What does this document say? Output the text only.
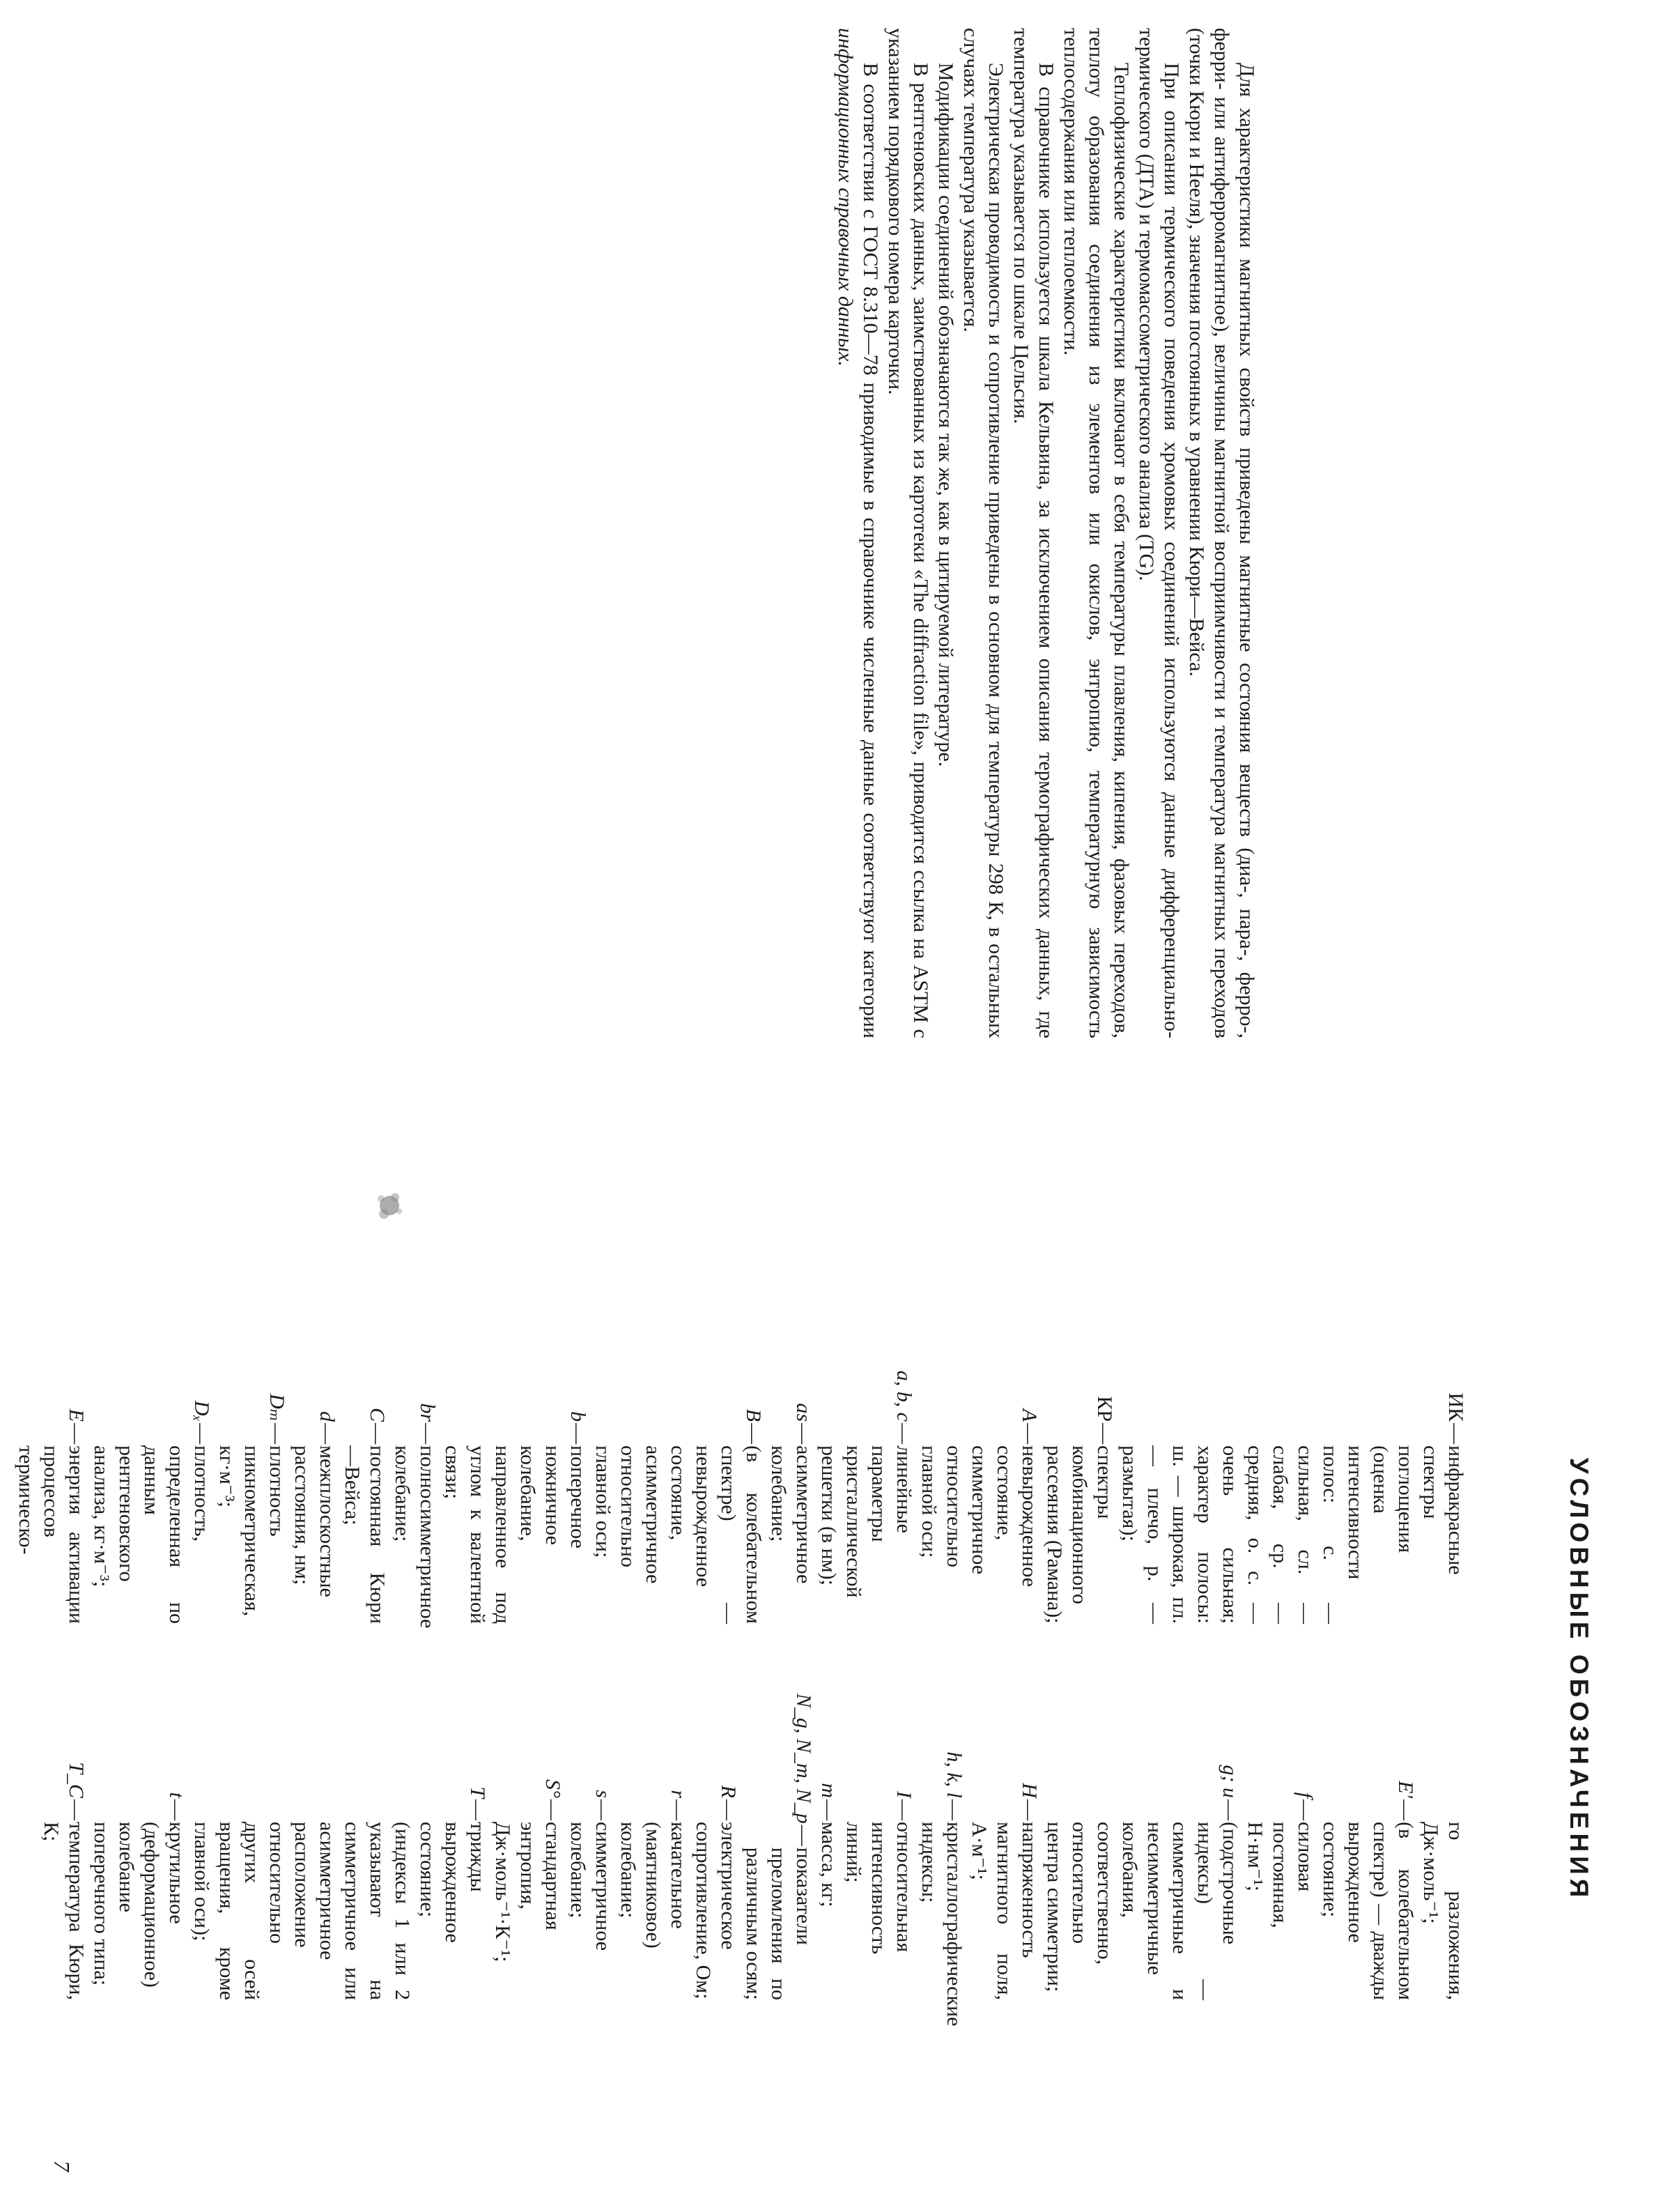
Для характеристики магнитных свойств приведены магнитные состояния веществ (диа-, пара-, ферро-, ферри- или антиферромагнитное), величины магнитной восприимчивости и температура магнитных переходов (точки Кюри и Нееля), значения постоянных в уравнении Кюри—Вейса.

При описании термического поведения хромовых соединений используются данные дифференциально-термического (ДТА) и термомассометрического анализа (ТG).

Теплофизические характеристики включают в себя температуры плавления, кипения, фазовых переходов, теплоту образования соединения из элементов или окислов, энтропию, температурную зависимость теплосодержания или теплоемкости.

В справочнике используется шкала Кельвина, за исключением описания термографических данных, где температура указывается по шкале Цельсия.

Электрическая проводимость и сопротивление приведены в основном для температуры 298 К, в остальных случаях температура указывается.

Модификации соединений обозначаются так же, как в цитируемой литературе.

В рентгеновских данных, заимствованных из картотеки «The diffraction file», приводится ссылка на ASTM с указанием порядкового номера карточки.

В соответствии с ГОСТ 8.310—78 приводимые в справочнике численные данные соответствуют категории информационных справочных данных.

УСЛОВНЫЕ ОБОЗНАЧЕНИЯ
ИК
—
инфракрасные спектры поглощения (оценка интенсивности полос: с. — сильная, сл. — слабая, ср. — средняя, о. с. — очень сильная; характер полосы: ш. — широкая, пл. — плечо, р. — размытая);
КР
—
спектры комбинационного рассеяния (Рамана);
A
—
невырожденное состояние, симметричное относительно главной оси;
a, b, c
—
линейные параметры кристаллической решетки (в нм);
as
—
асимметричное колебание;
B
—
(в колебательном спектре) — невырожденное состояние, асимметричное относительно главной оси;
b
—
поперечное ножничное колебание, направленное под углом к валентной связи;
br
—
полносимметричное колебание;
C
—
постоянная Кюри—Вейса;
d
—
межплоскостные расстояния, нм;
Dₘ
—
плотность пикнометрическая, кг·м⁻³;
Dₓ
—
плотность, определенная по данным рентгеновского анализа, кг·м⁻³;
E
—
энергия активации процессов термическо-
го разложения, Дж·моль⁻¹;
E'
—
(в колебательном спектре) — дважды вырожденное состояние;
f
—
силовая постоянная, Н·нм⁻¹;
g; u
—
(подстрочные индексы) — симметричные и несимметричные колебания, соответственно, относительно центра симметрии;
H
—
напряженность магнитного поля, А·м⁻¹;
h, k, l
—
кристаллографические индексы;
I
—
относительная интенсивность линий;
m
—
масса, кг;
N_g, N_m, N_p
—
показатели преломления по различным осям;
R
—
электрическое сопротивление, Ом;
r
—
качательное (маятниковое) колебание;
s
—
симметричное колебание;
S°
—
стандартная энтропия, Дж·моль⁻¹·К⁻¹;
T
—
трижды вырожденное состояние; (индексы 1 или 2 указывают на симметричное или асимметричное расположение относительно других осей вращения, кроме главной оси);
t
—
крутильное (деформационное) колебание поперечного типа;
T_C
—
температура Кюри, К;
7
